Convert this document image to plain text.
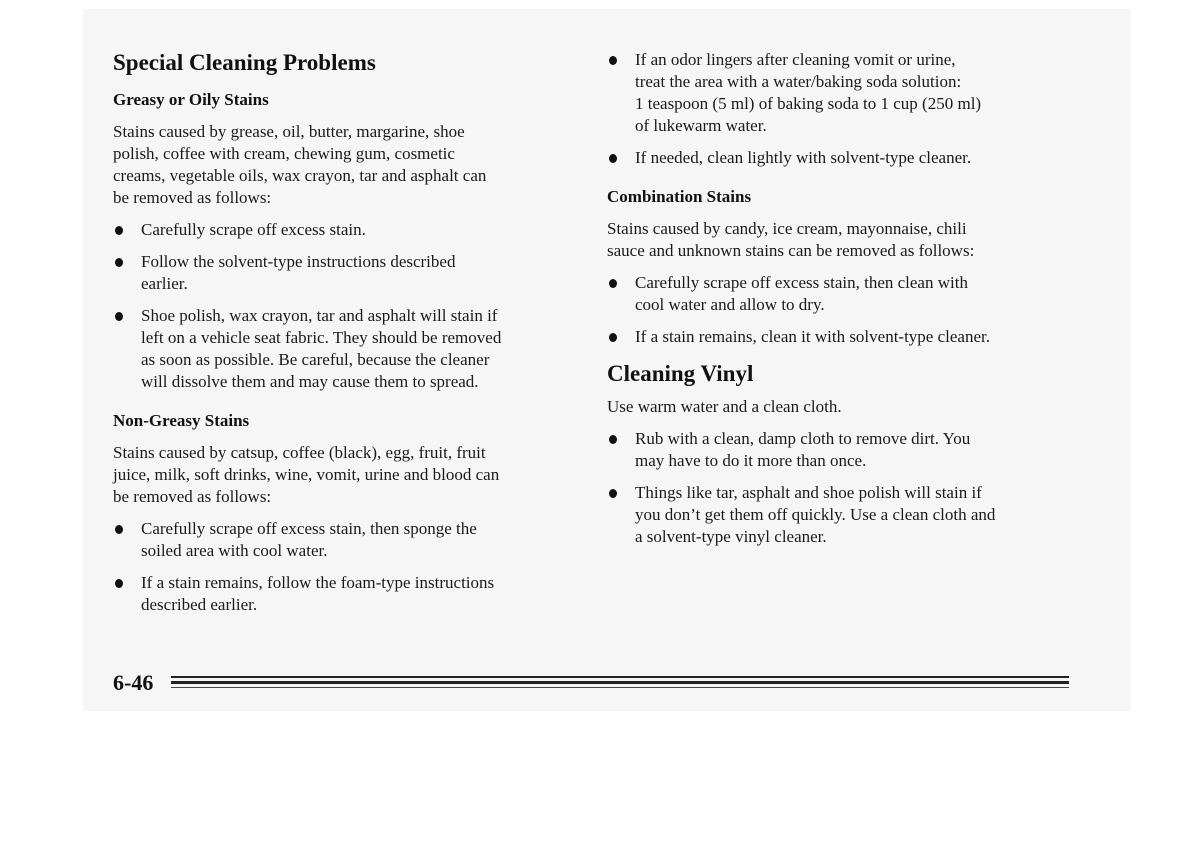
Special Cleaning Problems
Greasy or Oily Stains
Stains caused by grease, oil, butter, margarine, shoe
polish, coffee with cream, chewing gum, cosmetic
creams, vegetable oils, wax crayon, tar and asphalt can
be removed as follows:
Carefully scrape off excess stain.
Follow the solvent-type instructions described
earlier.
Shoe polish, wax crayon, tar and asphalt will stain if
left on a vehicle seat fabric. They should be removed
as soon as possible. Be careful, because the cleaner
will dissolve them and may cause them to spread.
Non-Greasy Stains
Stains caused by catsup, coffee (black), egg, fruit, fruit
juice, milk, soft drinks, wine, vomit, urine and blood can
be removed as follows:
Carefully scrape off excess stain, then sponge the
soiled area with cool water.
If a stain remains, follow the foam-type instructions
described earlier.
If an odor lingers after cleaning vomit or urine,
treat the area with a water/baking soda solution:
1 teaspoon (5 ml) of baking soda to 1 cup (250 ml)
of lukewarm water.
If needed, clean lightly with solvent-type cleaner.
Combination Stains
Stains caused by candy, ice cream, mayonnaise, chili
sauce and unknown stains can be removed as follows:
Carefully scrape off excess stain, then clean with
cool water and allow to dry.
If a stain remains, clean it with solvent-type cleaner.
Cleaning Vinyl
Use warm water and a clean cloth.
Rub with a clean, damp cloth to remove dirt. You
may have to do it more than once.
Things like tar, asphalt and shoe polish will stain if
you don’t get them off quickly. Use a clean cloth and
a solvent-type vinyl cleaner.
6-46
